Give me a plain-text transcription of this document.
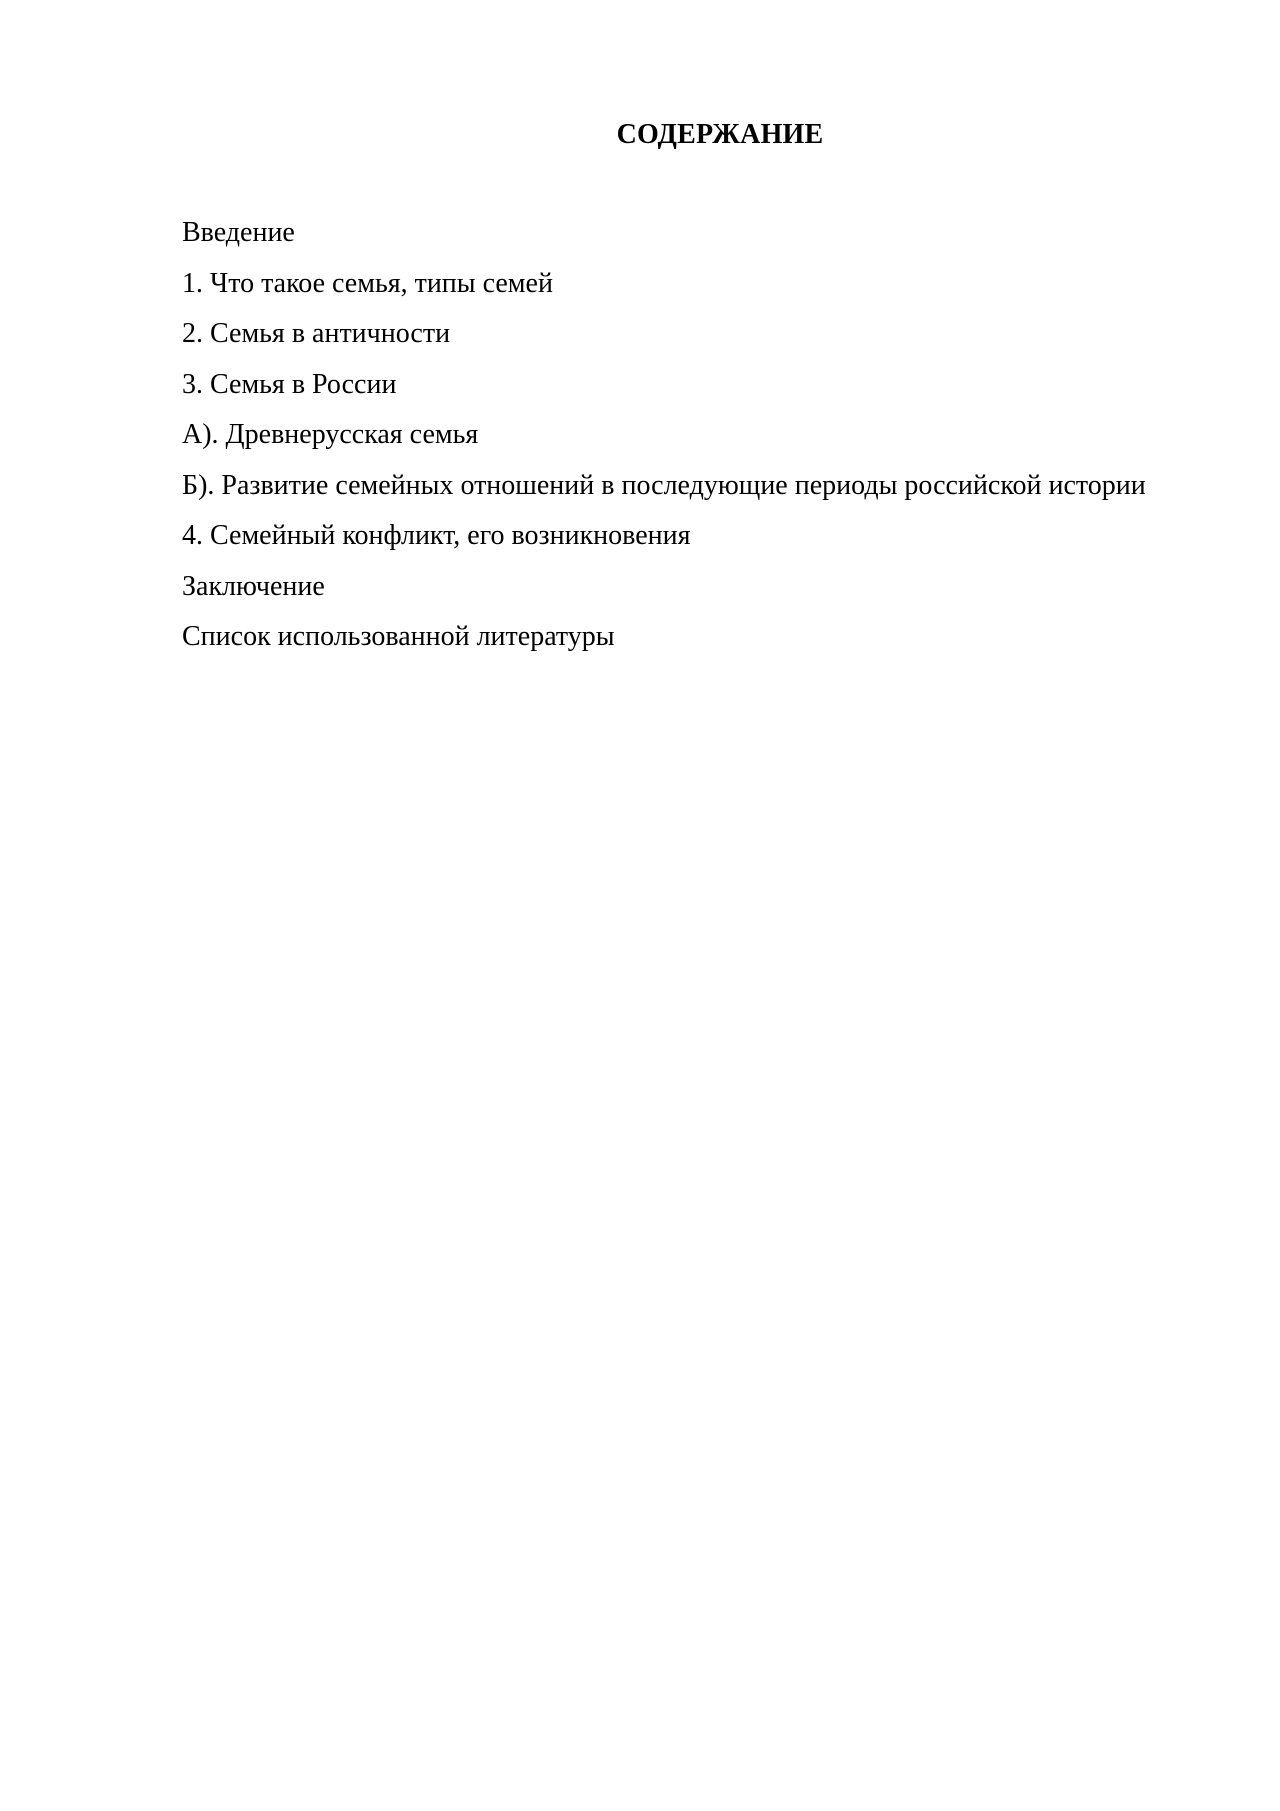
СОДЕРЖАНИЕ
Введение
1. Что такое семья, типы семей
2. Семья в античности
3. Семья в России
А). Древнерусская семья
Б). Развитие семейных отношений в последующие периоды российской истории
4. Семейный конфликт, его возникновения
Заключение
Список использованной литературы
